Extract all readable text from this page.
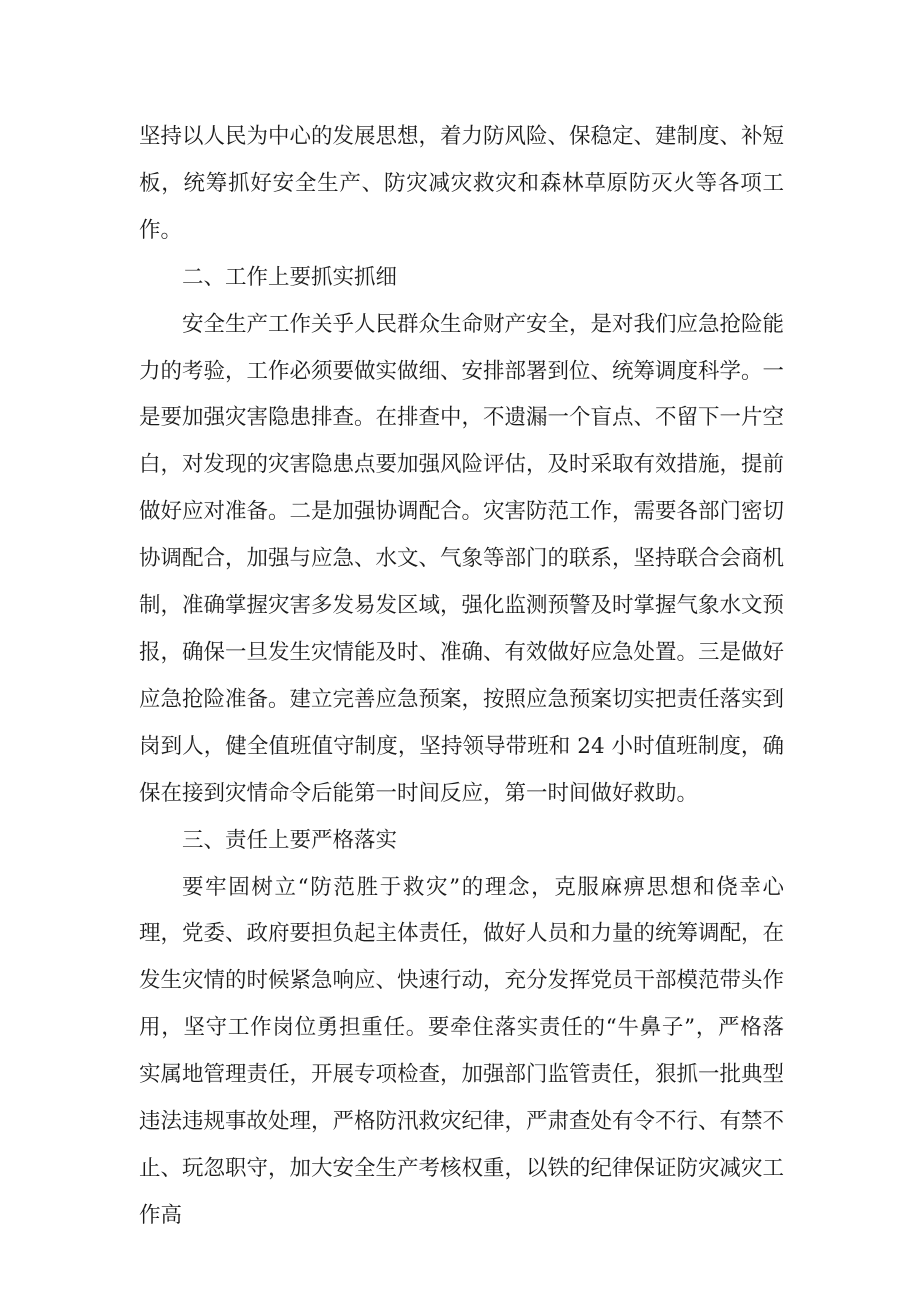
坚持以人民为中心的发展思想，着力防风险、保稳定、建制度、补短板，统筹抓好安全生产、防灾减灾救灾和森林草原防灭火等各项工作。

二、工作上要抓实抓细

安全生产工作关乎人民群众生命财产安全，是对我们应急抢险能力的考验，工作必须要做实做细、安排部署到位、统筹调度科学。一是要加强灾害隐患排查。在排查中，不遗漏一个盲点、不留下一片空白，对发现的灾害隐患点要加强风险评估，及时采取有效措施，提前做好应对准备。二是加强协调配合。灾害防范工作，需要各部门密切协调配合，加强与应急、水文、气象等部门的联系，坚持联合会商机制，准确掌握灾害多发易发区域，强化监测预警及时掌握气象水文预报，确保一旦发生灾情能及时、准确、有效做好应急处置。三是做好应急抢险准备。建立完善应急预案，按照应急预案切实把责任落实到岗到人，健全值班值守制度，坚持领导带班和 24 小时值班制度，确保在接到灾情命令后能第一时间反应，第一时间做好救助。

三、责任上要严格落实

要牢固树立“防范胜于救灾”的理念，克服麻痹思想和侥幸心理，党委、政府要担负起主体责任，做好人员和力量的统筹调配，在发生灾情的时候紧急响应、快速行动，充分发挥党员干部模范带头作用，坚守工作岗位勇担重任。要牵住落实责任的“牛鼻子”，严格落实属地管理责任，开展专项检查，加强部门监管责任，狠抓一批典型违法违规事故处理，严格防汛救灾纪律，严肃查处有令不行、有禁不止、玩忽职守，加大安全生产考核权重，以铁的纪律保证防灾减灾工作高
